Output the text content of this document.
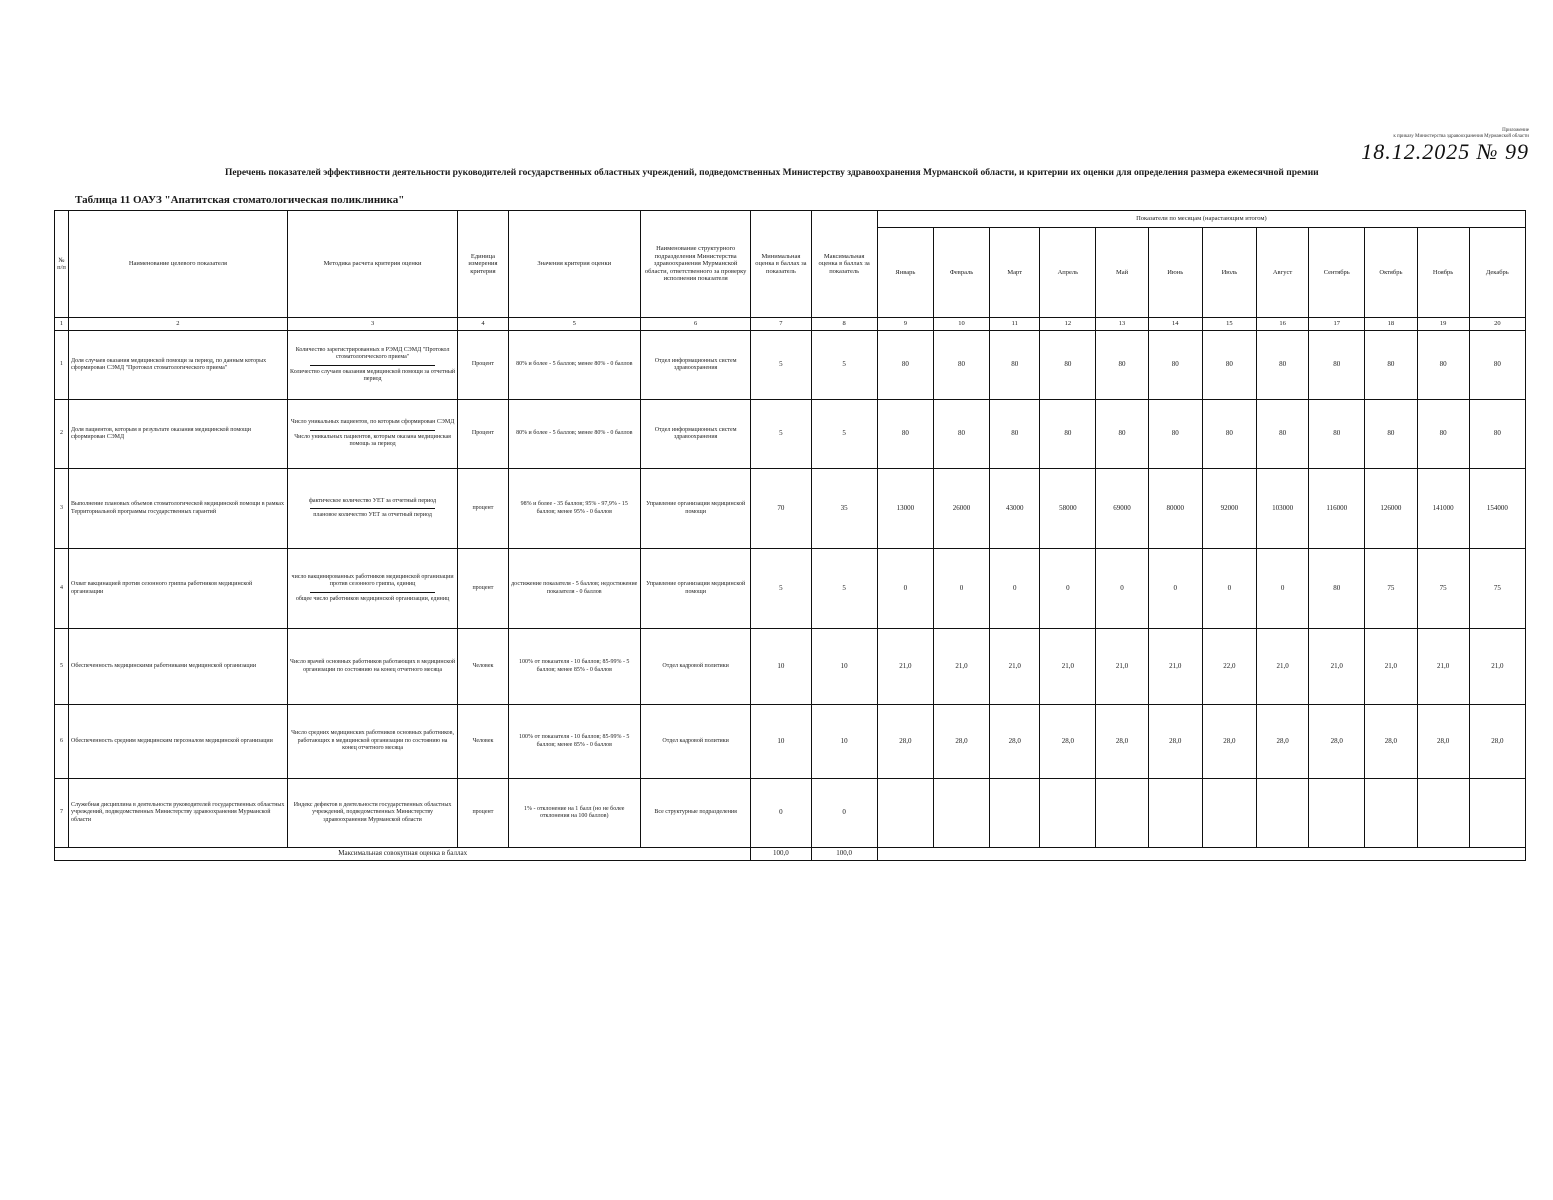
Приложение
к приказу Министерства здравоохранения Мурманской области
18.12.2025 № 99
Перечень показателей эффективности деятельности руководителей государственных областных учреждений, подведомственных Министерству здравоохранения Мурманской области, и критерии их оценки для определения размера ежемесячной премии
Таблица 11 ОАУЗ "Апатитская стоматологическая поликлиника"
№ п/п	Наименование целевого показателя	Методика расчета критерия оценки	Единица измерения критерия	Значения критерия оценки	Наименование структурного подразделения Министерства здравоохранения Мурманской области, ответственного за проверку исполнения показателя	Минимальная оценка в баллах за показатель	Максимальная оценка в баллах за показатель	Показатели по месяцам (нарастающим итогом)											
								Январь	Февраль	Март	Апрель	Май	Июнь	Июль	Август	Сентябрь	Октябрь	Ноябрь	Декабрь
1	2	3	4	5	6	7	8	9	10	11	12	13	14	15	16	17	18	19	20
1	Доля случаев оказания медицинской помощи за период, по данным которых сформирован СЭМД "Протокол стоматологического приема"	Количество зарегистрированных в РЭМД СЭМД "Протокол стоматологического приема"
Количество случаев оказания медицинской помощи за отчетный период	Процент	80% и более - 5 баллов; менее 80% - 0 баллов	Отдел информационных систем здравоохранения	5	5	80	80	80	80	80	80	80	80	80	80	80	80
2	Доля пациентов, которым в результате оказания медицинской помощи сформирован СЭМД	Число уникальных пациентов, по которым сформирован СЭМД
Число уникальных пациентов, которым оказана медицинская помощь за период	Процент	80% и более - 5 баллов; менее 80% - 0 баллов	Отдел информационных систем здравоохранения	5	5	80	80	80	80	80	80	80	80	80	80	80	80
3	Выполнение плановых объемов стоматологической медицинской помощи в рамках Территориальной программы государственных гарантий	фактическое количество УЕТ за отчетный период
плановое количество УЕТ за отчетный период	процент	98% и более - 35 баллов; 95% - 97,9% - 15 баллов; менее 95% - 0 баллов	Управление организации медицинской помощи	70	35	13000	26000	43000	58000	69000	80000	92000	103000	116000	126000	141000	154000
4	Охват вакцинацией против сезонного гриппа работников медицинской организации	число вакцинированных работников медицинской организации против сезонного гриппа, единиц
общее число работников медицинской организации, единиц	процент	достижение показателя - 5 баллов; недостижение показателя - 0 баллов	Управление организации медицинской помощи	5	5	0	0	0	0	0	0	0	0	80	75	75	75
5	Обеспеченность медицинскими работниками медицинской организации	Число врачей основных работников работающих в медицинской организации по состоянию на конец отчетного месяца	Человек	100% от показателя - 10 баллов; 85-99% - 5 баллов; менее 85% - 0 баллов	Отдел кадровой политики	10	10	21,0	21,0	21,0	21,0	21,0	21,0	22,0	21,0	21,0	21,0	21,0	21,0
6	Обеспеченность средним медицинским персоналом медицинской организации	Число средних медицинских работников основных работников, работающих в медицинской организации по состоянию на конец отчетного месяца	Человек	100% от показателя - 10 баллов; 85-99% - 5 баллов; менее 85% - 0 баллов	Отдел кадровой политики	10	10	28,0	28,0	28,0	28,0	28,0	28,0	28,0	28,0	28,0	28,0	28,0	28,0
7	Служебная дисциплина в деятельности руководителей государственных областных учреждений, подведомственных Министерству здравоохранения Мурманской области	Индекс дефектов в деятельности государственных областных учреждений, подведомственных Министерству здравоохранения Мурманской области	процент	1% - отклонение на 1 балл (но не более отклонения на 100 баллов)	Все структурные подразделения	0	0												
Максимальная совокупная оценка в баллах						100,0	100,0												
